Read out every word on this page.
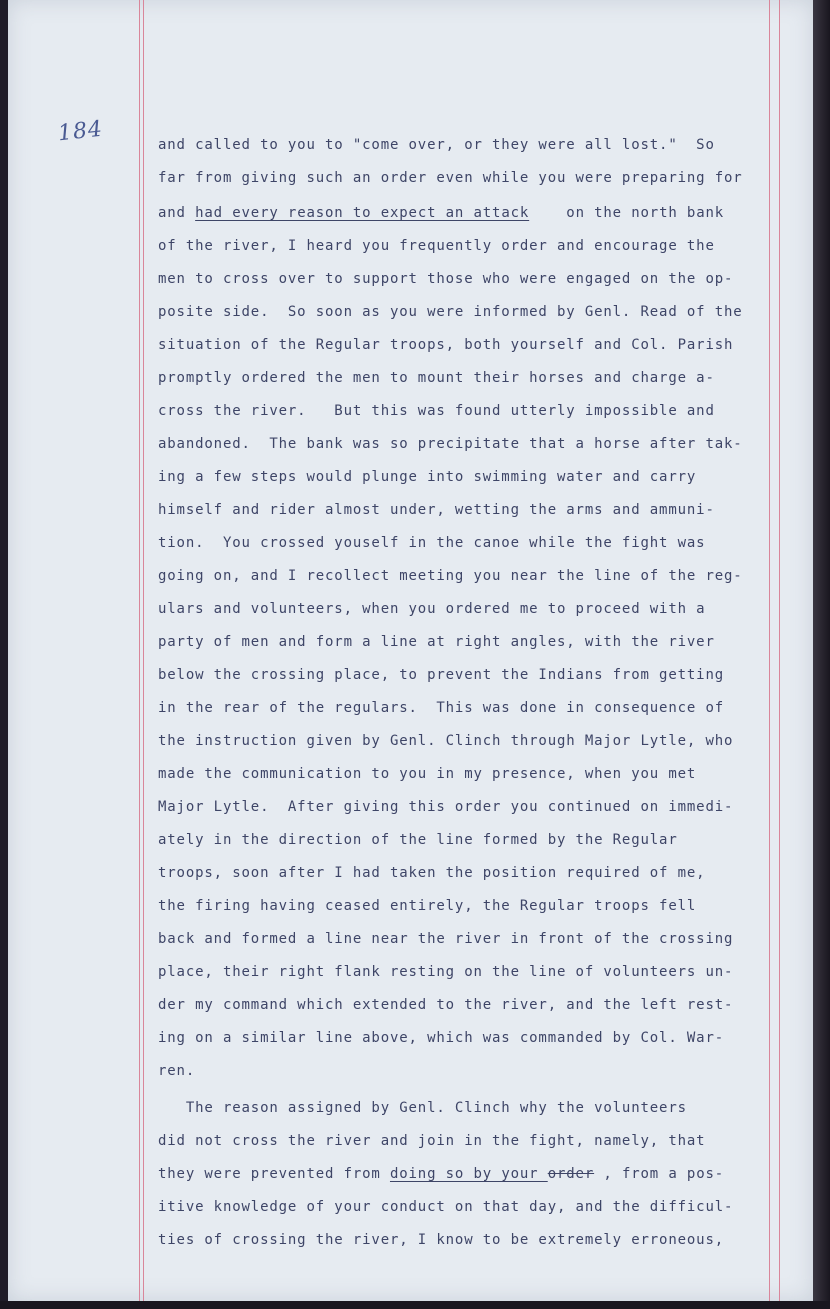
184	and called to you to "come over, or they were all lost."  So
far from giving such an order even while you were preparing for
and had every reason to expect an attack    on the north bank
of the river, I heard you frequently order and encourage the
men to cross over to support those who were engaged on the op-
posite side.  So soon as you were informed by Genl. Read of the
situation of the Regular troops, both yourself and Col. Parish
promptly ordered the men to mount their horses and charge a-
cross the river.   But this was found utterly impossible and
abandoned.  The bank was so precipitate that a horse after tak-
ing a few steps would plunge into swimming water and carry
himself and rider almost under, wetting the arms and ammuni-
tion.  You crossed youself in the canoe while the fight was
going on, and I recollect meeting you near the line of the reg-
ulars and volunteers, when you ordered me to proceed with a
party of men and form a line at right angles, with the river
below the crossing place, to prevent the Indians from getting
in the rear of the regulars.  This was done in consequence of
the instruction given by Genl. Clinch through Major Lytle, who
made the communication to you in my presence, when you met
Major Lytle.  After giving this order you continued on immedi-
ately in the direction of the line formed by the Regular
troops, soon after I had taken the position required of me,
the firing having ceased entirely, the Regular troops fell
back and formed a line near the river in front of the crossing
place, their right flank resting on the line of volunteers un-
der my command which extended to the river, and the left rest-
ing on a similar line above, which was commanded by Col. War-
ren.
The reason assigned by Genl. Clinch why the volunteers
did not cross the river and join in the fight, namely, that
they were prevented from doing so by your order , from a pos-
itive knowledge of your conduct on that day, and the difficul-
ties of crossing the river, I know to be extremely erroneous,
